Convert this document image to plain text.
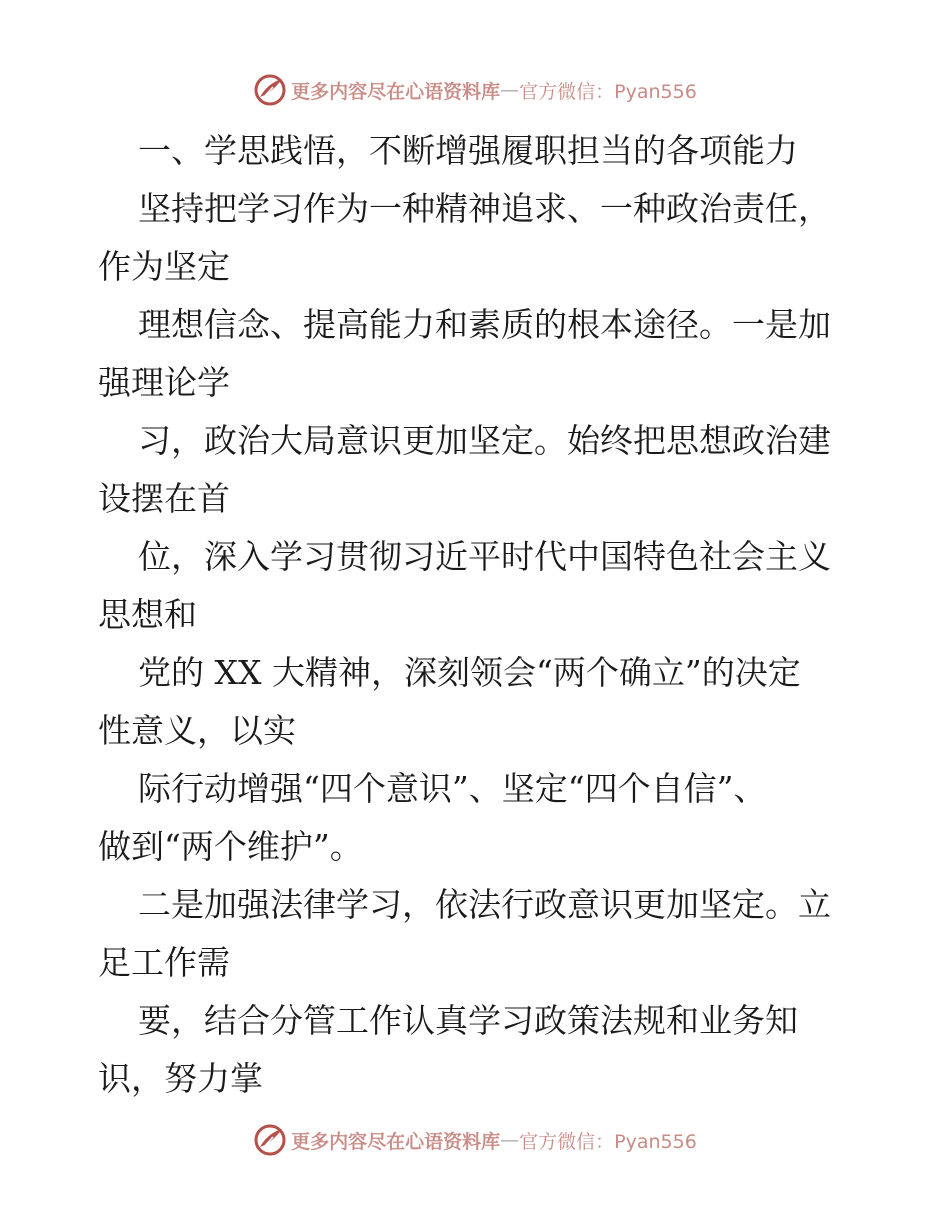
更多内容尽在心语资料库 — 官方微信：Pyan556
一、学思践悟，不断增强履职担当的各项能力
坚持把学习作为一种精神追求、一种政治责任，
作为坚定
理想信念、提高能力和素质的根本途径。一是加
强理论学
习，政治大局意识更加坚定。始终把思想政治建
设摆在首
位，深入学习贯彻习近平时代中国特色社会主义
思想和
党的 XX 大精神，深刻领会“两个确立”的决定
性意义，以实
际行动增强“四个意识”、坚定“四个自信”、
做到“两个维护”。
二是加强法律学习，依法行政意识更加坚定。立
足工作需
要，结合分管工作认真学习政策法规和业务知
识，努力掌
更多内容尽在心语资料库 — 官方微信：Pyan556
